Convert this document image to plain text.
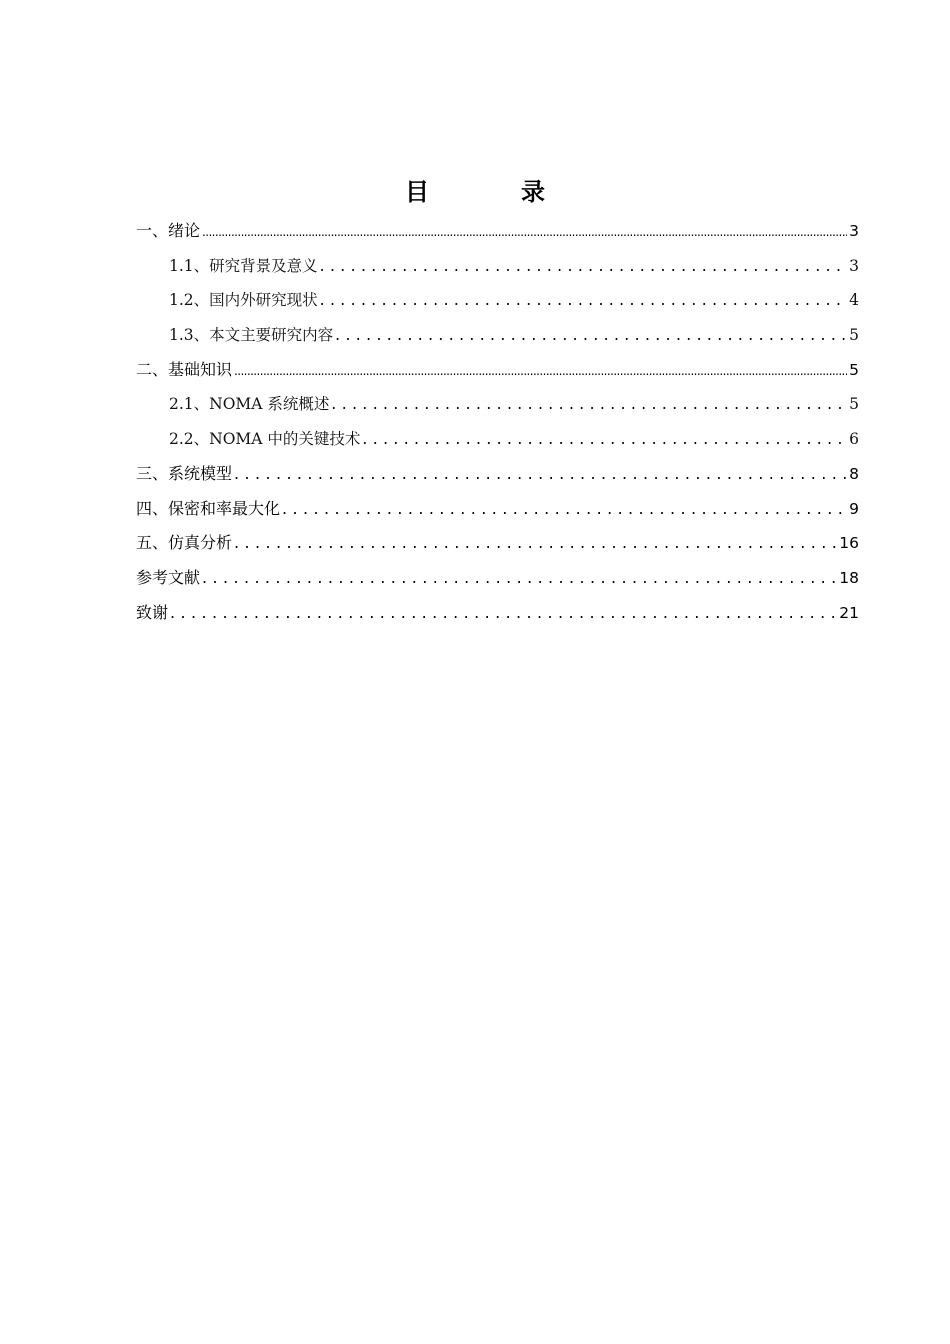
目　录
一、绪论 .....	3
1.1、研究背景及意义 .....	3
1.2、国内外研究现状 .....	4
1.3、本文主要研究内容 .....	5
二、基础知识 .....	5
2.1、NOMA 系统概述 .....	5
2.2、NOMA 中的关键技术 .....	6
三、系统模型 .....	8
四、保密和率最大化 .....	9
五、仿真分析 .....	16
参考文献 .....	18
致谢 .....	21
